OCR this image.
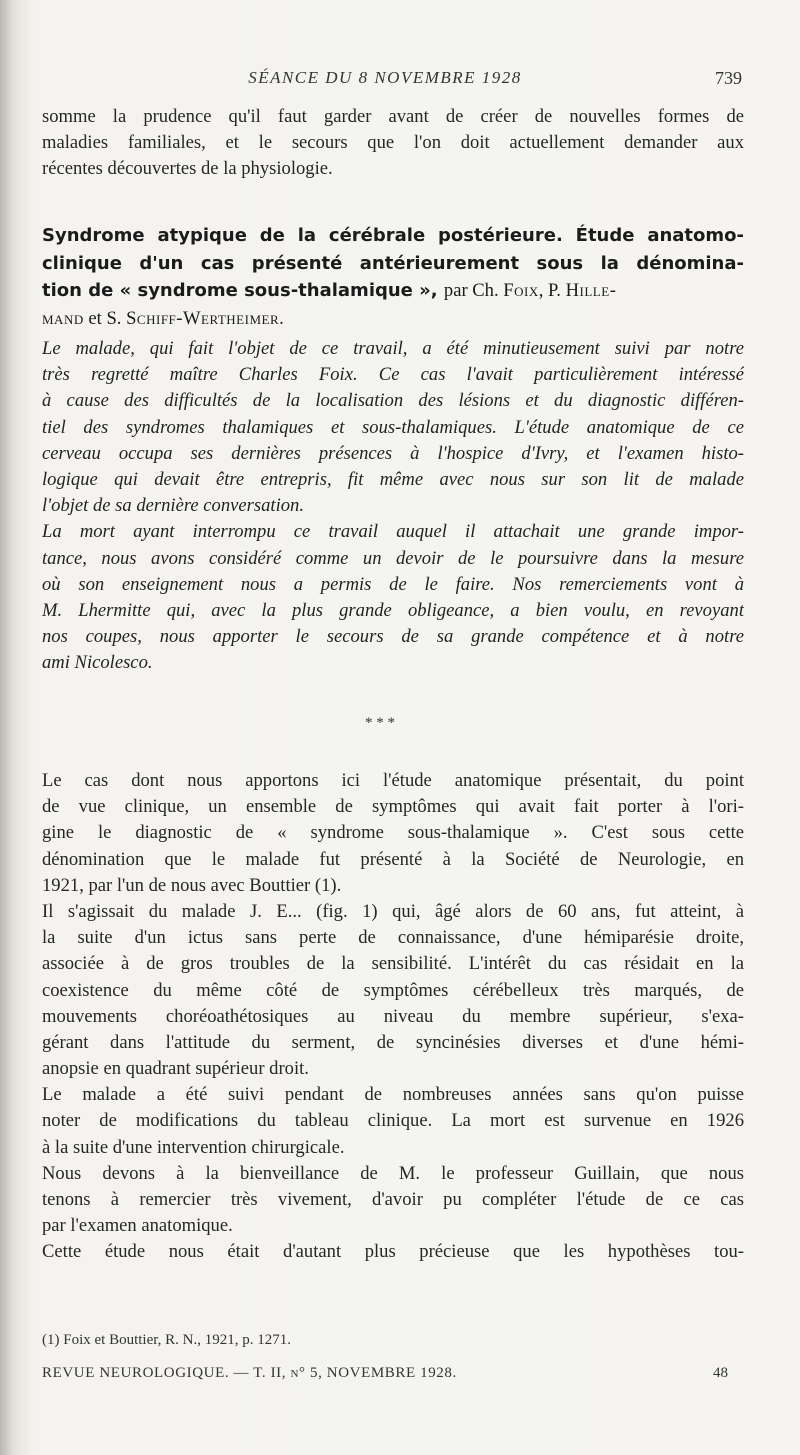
SÉANCE DU 8 NOVEMBRE 1928	739
somme la prudence qu'il faut garder avant de créer de nouvelles formes de
maladies familiales, et le secours que l'on doit actuellement demander aux
récentes découvertes de la physiologie.
Syndrome atypique de la cérébrale postérieure. Étude anatomo-
clinique d'un cas présenté antérieurement sous la dénomina-
tion de « syndrome sous-thalamique », par Ch. Foix, P. Hille-
mand et S. Schiff-Wertheimer.
Le malade, qui fait l'objet de ce travail, a été minutieusement suivi par notre
très regretté maître Charles Foix. Ce cas l'avait particulièrement intéressé
à cause des difficultés de la localisation des lésions et du diagnostic différen-
tiel des syndromes thalamiques et sous-thalamiques. L'étude anatomique de ce
cerveau occupa ses dernières présences à l'hospice d'Ivry, et l'examen histo-
logique qui devait être entrepris, fit même avec nous sur son lit de malade
l'objet de sa dernière conversation.
La mort ayant interrompu ce travail auquel il attachait une grande impor-
tance, nous avons considéré comme un devoir de le poursuivre dans la mesure
où son enseignement nous a permis de le faire. Nos remerciements vont à
M. Lhermitte qui, avec la plus grande obligeance, a bien voulu, en revoyant
nos coupes, nous apporter le secours de sa grande compétence et à notre
ami Nicolesco.
* * *
Le cas dont nous apportons ici l'étude anatomique présentait, du point
de vue clinique, un ensemble de symptômes qui avait fait porter à l'ori-
gine le diagnostic de « syndrome sous-thalamique ». C'est sous cette
dénomination que le malade fut présenté à la Société de Neurologie, en
1921, par l'un de nous avec Bouttier (1).
Il s'agissait du malade J. E... (fig. 1) qui, âgé alors de 60 ans, fut atteint, à
la suite d'un ictus sans perte de connaissance, d'une hémiparésie droite,
associée à de gros troubles de la sensibilité. L'intérêt du cas résidait en la
coexistence du même côté de symptômes cérébelleux très marqués, de
mouvements choréoathétosiques au niveau du membre supérieur, s'exa-
gérant dans l'attitude du serment, de syncinésies diverses et d'une hémi-
anopsie en quadrant supérieur droit.
Le malade a été suivi pendant de nombreuses années sans qu'on puisse
noter de modifications du tableau clinique. La mort est survenue en 1926
à la suite d'une intervention chirurgicale.
Nous devons à la bienveillance de M. le professeur Guillain, que nous
tenons à remercier très vivement, d'avoir pu compléter l'étude de ce cas
par l'examen anatomique.
Cette étude nous était d'autant plus précieuse que les hypothèses tou-
(1) Foix et Bouttier, R. N., 1921, p. 1271.
REVUE NEUROLOGIQUE. — T. II, n° 5, NOVEMBRE 1928.	48
